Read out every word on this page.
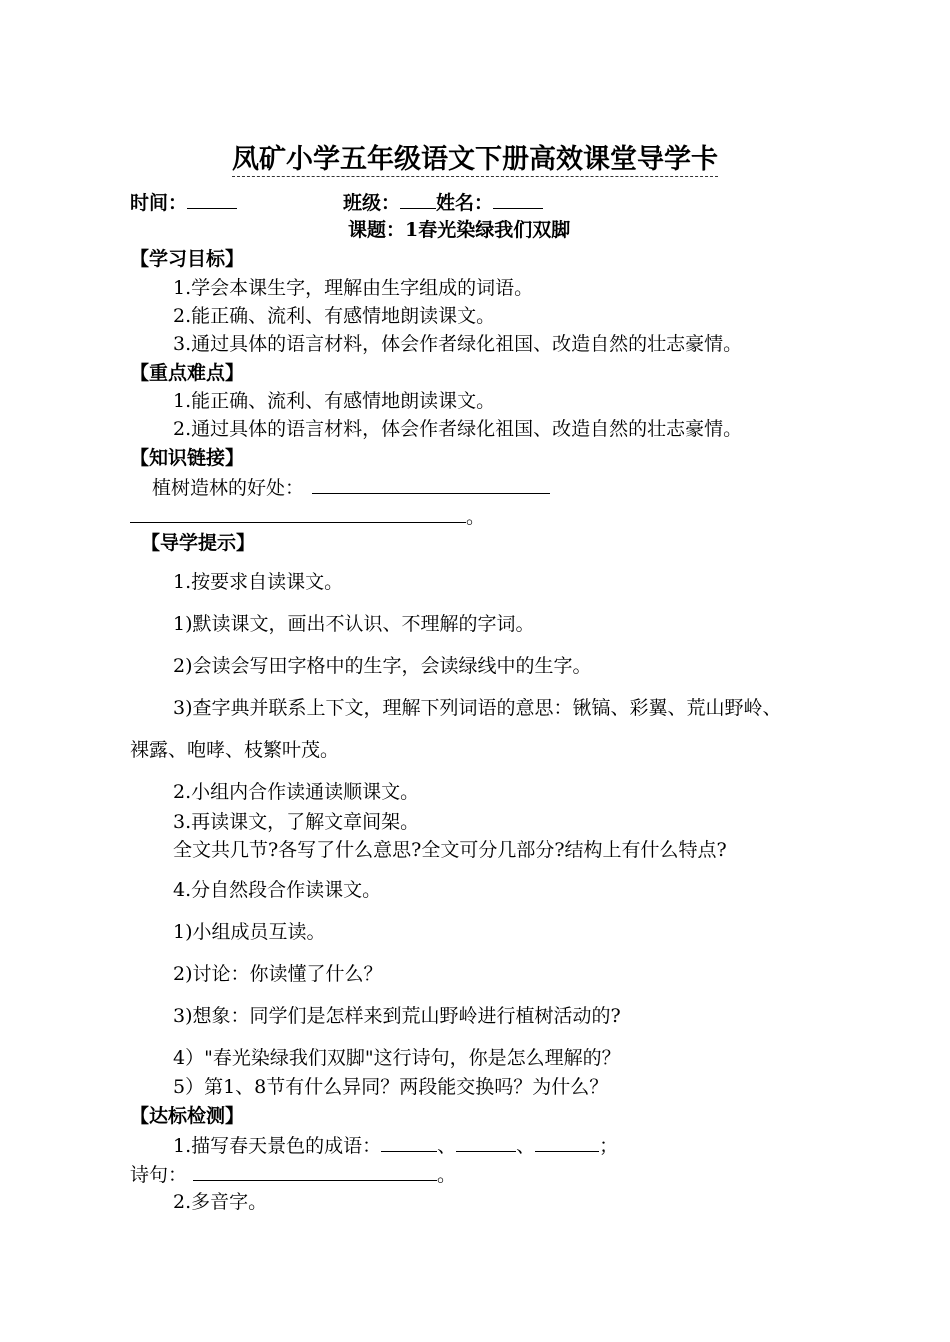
凤矿小学五年级语文下册高效课堂导学卡
时间：	班级： 姓名：
课题：1春光染绿我们双脚
【学习目标】
1.学会本课生字，理解由生字组成的词语。
2.能正确、流利、有感情地朗读课文。
3.通过具体的语言材料，体会作者绿化祖国、改造自然的壮志豪情。
【重点难点】
1.能正确、流利、有感情地朗读课文。
2.通过具体的语言材料，体会作者绿化祖国、改造自然的壮志豪情。
【知识链接】
植树造林的好处：
。
【导学提示】
1.按要求自读课文。
1)默读课文，画出不认识、不理解的字词。
2)会读会写田字格中的生字，会读绿线中的生字。
3)查字典并联系上下文，理解下列词语的意思：锹镐、彩翼、荒山野岭、
裸露、咆哮、枝繁叶茂。
2.小组内合作读通读顺课文。
3.再读课文，了解文章间架。
全文共几节?各写了什么意思?全文可分几部分?结构上有什么特点?
4.分自然段合作读课文。
1)小组成员互读。
2)讨论：你读懂了什么？
3)想象：同学们是怎样来到荒山野岭进行植树活动的?
4）"春光染绿我们双脚"这行诗句，你是怎么理解的？
5）第1、8节有什么异同？两段能交换吗？为什么？
【达标检测】
1.描写春天景色的成语：	、	、	；
诗句：	。
2.多音字。
